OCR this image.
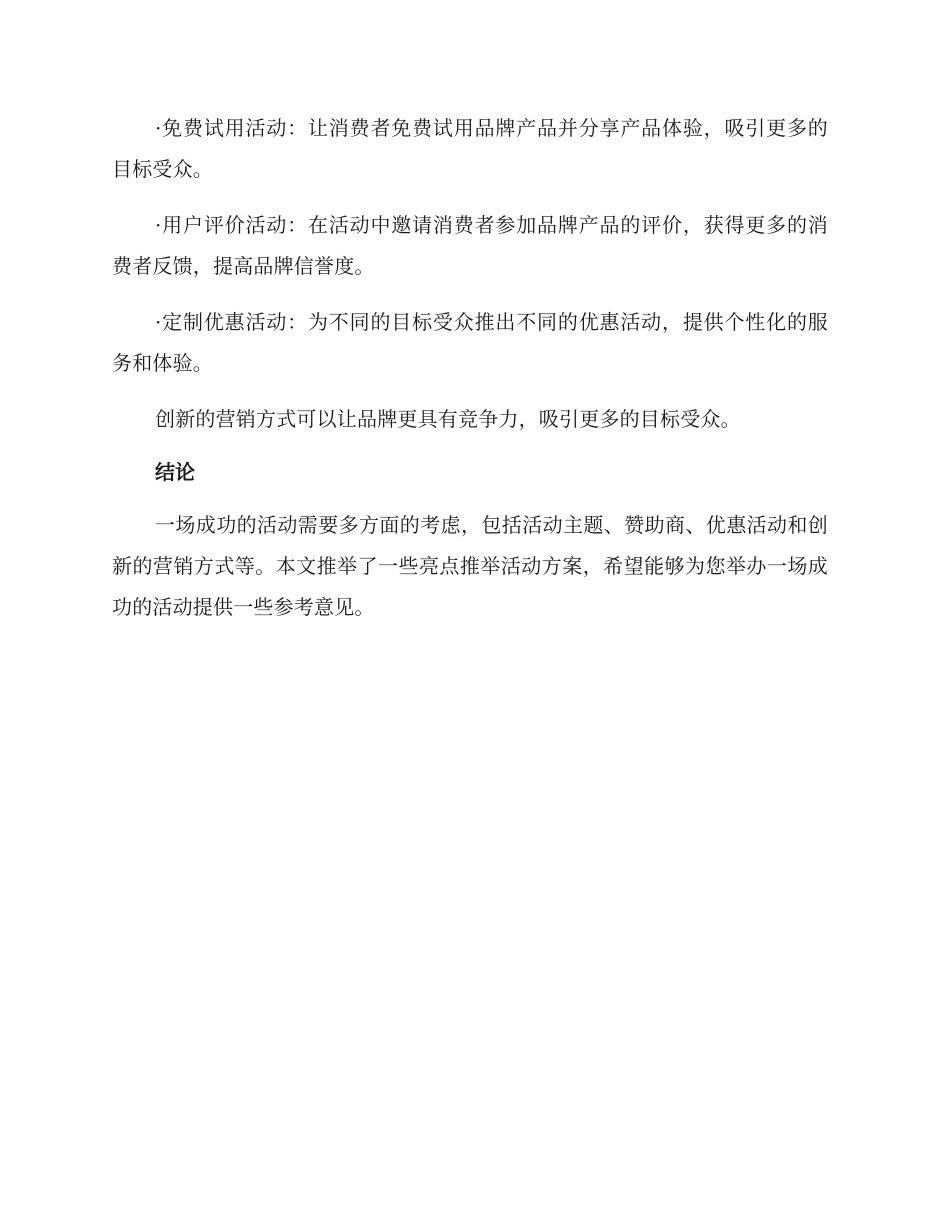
·免费试用活动：让消费者免费试用品牌产品并分享产品体验，吸引更多的目标受众。

·用户评价活动：在活动中邀请消费者参加品牌产品的评价，获得更多的消费者反馈，提高品牌信誉度。

·定制优惠活动：为不同的目标受众推出不同的优惠活动，提供个性化的服务和体验。

创新的营销方式可以让品牌更具有竞争力，吸引更多的目标受众。

结论

一场成功的活动需要多方面的考虑，包括活动主题、赞助商、优惠活动和创新的营销方式等。本文推举了一些亮点推举活动方案，希望能够为您举办一场成功的活动提供一些参考意见。
